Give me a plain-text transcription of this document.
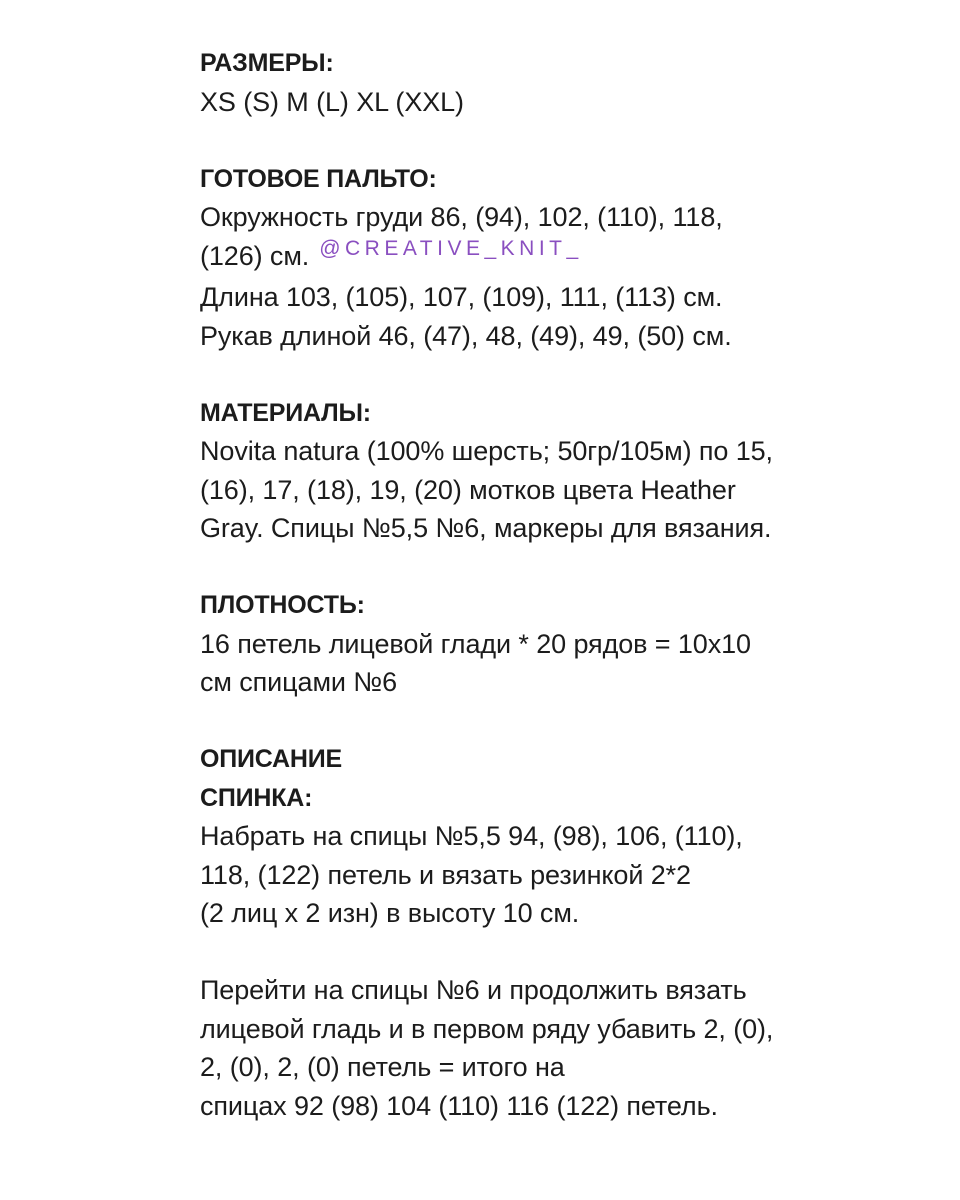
РАЗМЕРЫ:
XS (S) M (L) XL (XXL)
ГОТОВОЕ ПАЛЬТО:
Окружность груди 86, (94), 102, (110), 118,
(126) см. $^{@CREATIVE\_KNIT\_}$
Длина 103, (105), 107, (109), 111, (113) см.
Рукав длиной 46, (47), 48, (49), 49, (50) см.
МАТЕРИАЛЫ:
Novita natura (100% шерсть; 50гр/105м) по 15,
(16), 17, (18), 19, (20) мотков цвета Heather
Gray. Спицы №5,5 №6, маркеры для вязания.
ПЛОТНОСТЬ:
16 петель лицевой глади * 20 рядов = 10x10
см спицами №6
ОПИСАНИЕ
СПИНКА:
Набрать на спицы №5,5 94, (98), 106, (110),
118, (122) петель и вязать резинкой 2*2
(2 лиц х 2 изн) в высоту 10 см.
Перейти на спицы №6 и продолжить вязать
лицевой гладь и в первом ряду убавить 2, (0),
2, (0), 2, (0) петель = итого на
спицах 92 (98) 104 (110) 116 (122) петель.
